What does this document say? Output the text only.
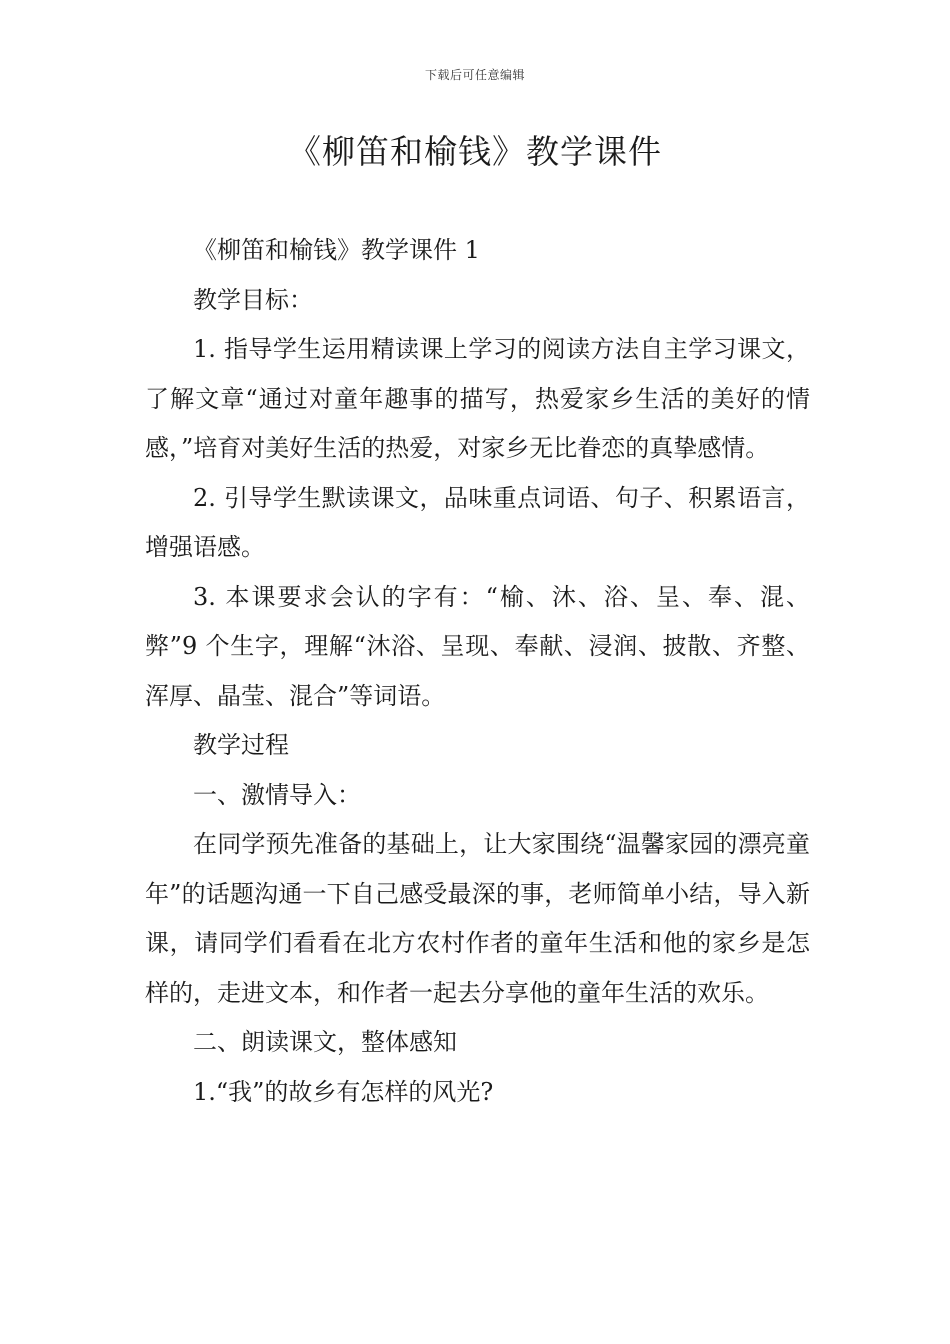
下载后可任意编辑
《柳笛和榆钱》教学课件

《柳笛和榆钱》教学课件 1

教学目标：

1. 指导学生运用精读课上学习的阅读方法自主学习课文，了解文章“通过对童年趣事的描写，热爱家乡生活的美好的情感，”培育对美好生活的热爱，对家乡无比眷恋的真挚感情。

2. 引导学生默读课文，品味重点词语、句子、积累语言，增强语感。

3. 本课要求会认的字有：“榆、沐、浴、呈、奉、混、弊”9 个生字，理解“沐浴、呈现、奉献、浸润、披散、齐整、浑厚、晶莹、混合”等词语。

教学过程

一、激情导入：

在同学预先准备的基础上，让大家围绕“温馨家园的漂亮童年”的话题沟通一下自己感受最深的事，老师简单小结，导入新课，请同学们看看在北方农村作者的童年生活和他的家乡是怎样的，走进文本，和作者一起去分享他的童年生活的欢乐。

二、朗读课文，整体感知

1.“我”的故乡有怎样的风光?
